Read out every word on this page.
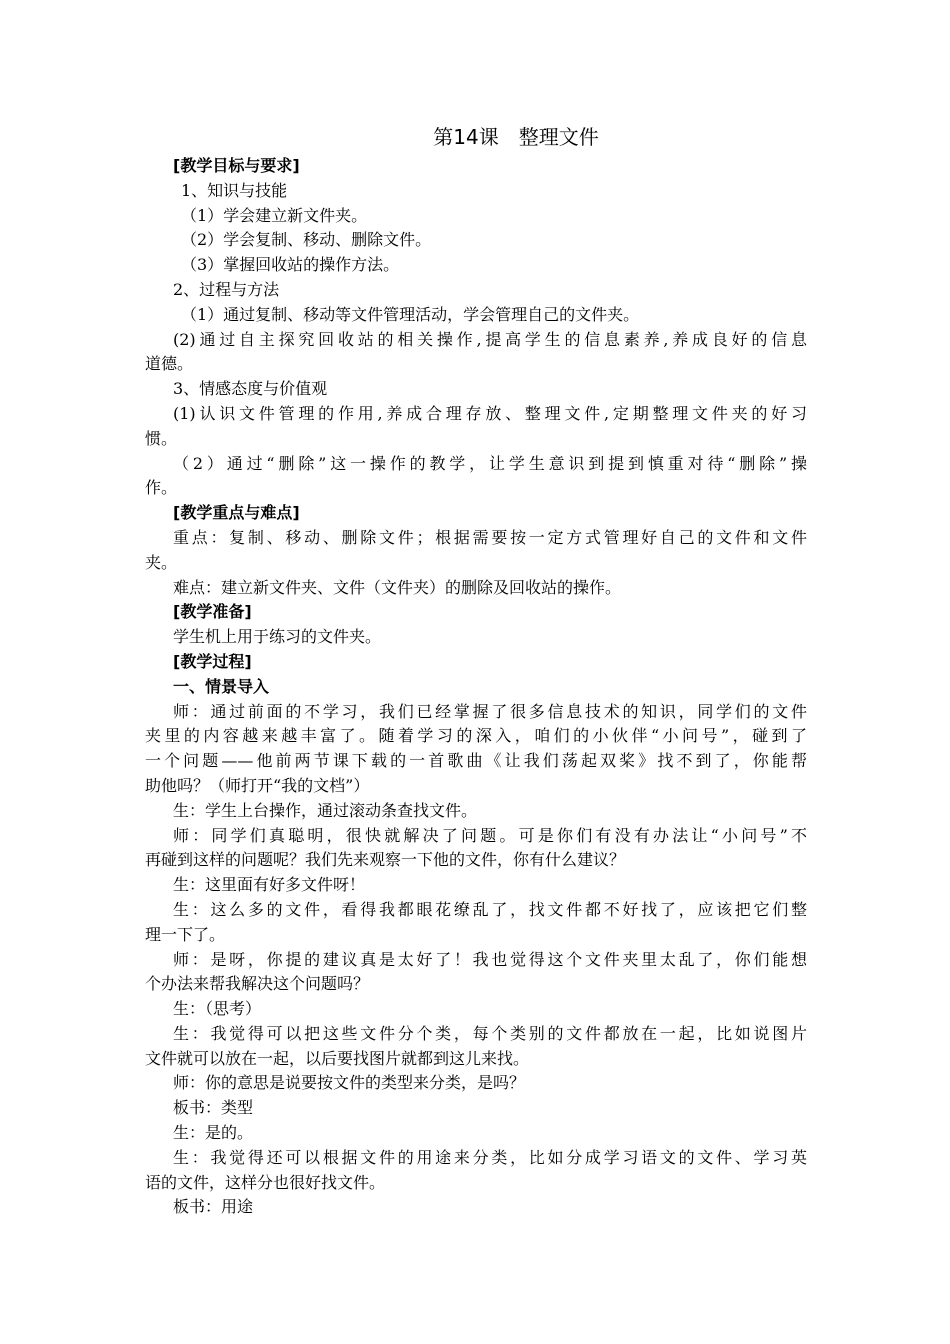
第14课　整理文件
[教学目标与要求]
1、知识与技能
（1）学会建立新文件夹。
（2）学会复制、移动、删除文件。
（3）掌握回收站的操作方法。
2、过程与方法
（1）通过复制、移动等文件管理活动，学会管理自己的文件夹。
(2)通过自主探究回收站的相关操作,提高学生的信息素养,养成良好的信息
道德。
3、情感态度与价值观
(1)认识文件管理的作用,养成合理存放、整理文件,定期整理文件夹的好习
惯。
（2）通过“删除”这一操作的教学，让学生意识到提到慎重对待“删除”操
作。
[教学重点与难点]
重点：复制、移动、删除文件；根据需要按一定方式管理好自己的文件和文件
夹。
难点：建立新文件夹、文件（文件夹）的删除及回收站的操作。
[教学准备]
学生机上用于练习的文件夹。
[教学过程]
一、情景导入
师：通过前面的不学习，我们已经掌握了很多信息技术的知识，同学们的文件
夹里的内容越来越丰富了。随着学习的深入，咱们的小伙伴“小问号”，碰到了
一个问题——他前两节课下载的一首歌曲《让我们荡起双桨》找不到了，你能帮
助他吗？（师打开“我的文档”）
生：学生上台操作，通过滚动条查找文件。
师：同学们真聪明，很快就解决了问题。可是你们有没有办法让“小问号”不
再碰到这样的问题呢？我们先来观察一下他的文件，你有什么建议？
生：这里面有好多文件呀！
生：这么多的文件，看得我都眼花缭乱了，找文件都不好找了，应该把它们整
理一下了。
师：是呀，你提的建议真是太好了！我也觉得这个文件夹里太乱了，你们能想
个办法来帮我解决这个问题吗？
生：（思考）
生：我觉得可以把这些文件分个类，每个类别的文件都放在一起，比如说图片
文件就可以放在一起，以后要找图片就都到这儿来找。
师：你的意思是说要按文件的类型来分类，是吗？
板书：类型
生：是的。
生：我觉得还可以根据文件的用途来分类，比如分成学习语文的文件、学习英
语的文件，这样分也很好找文件。
板书：用途
